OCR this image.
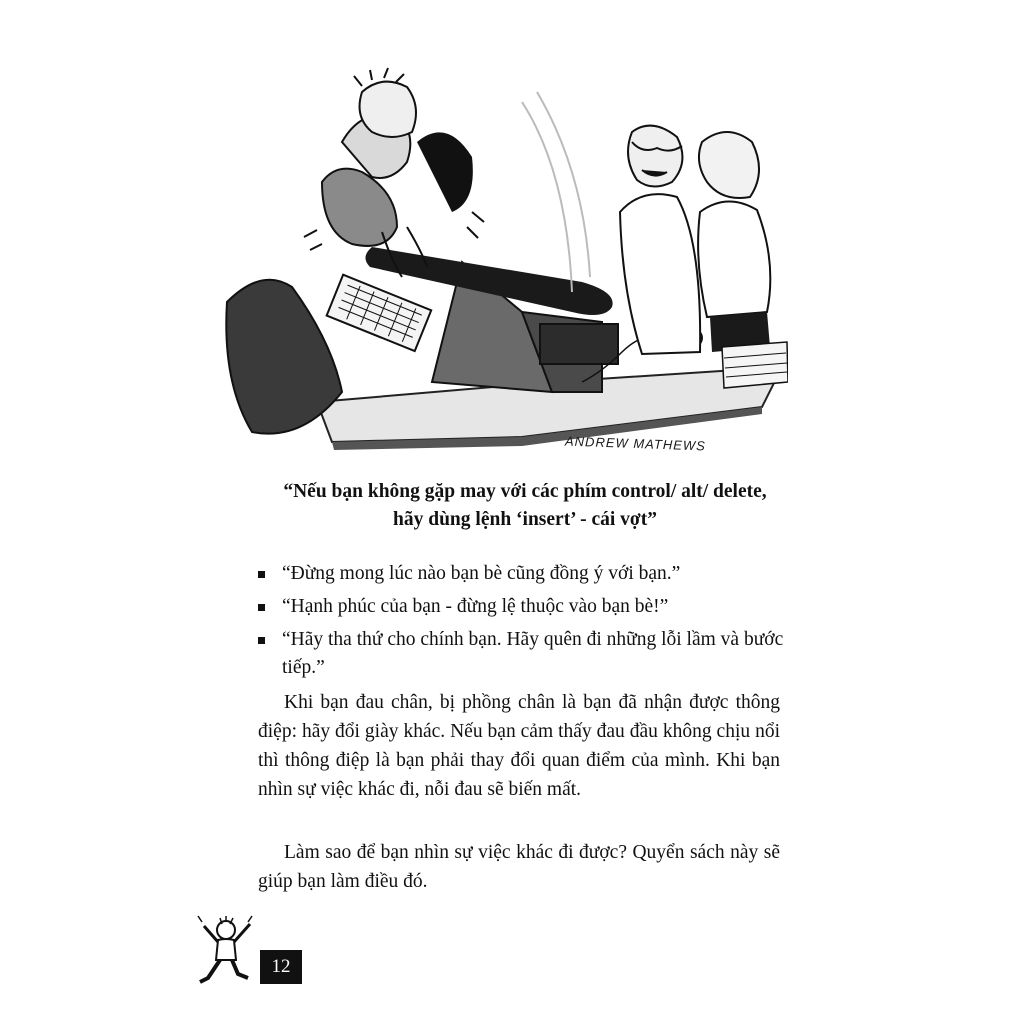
ANDREW MATHEWS
“Nếu bạn không gặp may với các phím control/ alt/ delete,
hãy dùng lệnh ‘insert’ - cái vợt”
“Đừng mong lúc nào bạn bè cũng đồng ý với bạn.”
“Hạnh phúc của bạn - đừng lệ thuộc vào bạn bè!”
“Hãy tha thứ cho chính bạn. Hãy quên đi những lỗi lầm và bước tiếp.”

Khi bạn đau chân, bị phồng chân là bạn đã nhận được thông điệp: hãy đổi giày khác. Nếu bạn cảm thấy đau đầu không chịu nổi thì thông điệp là bạn phải thay đổi quan điểm của mình. Khi bạn nhìn sự việc khác đi, nỗi đau sẽ biến mất.

Làm sao để bạn nhìn sự việc khác đi được? Quyển sách này sẽ giúp bạn làm điều đó.

12
